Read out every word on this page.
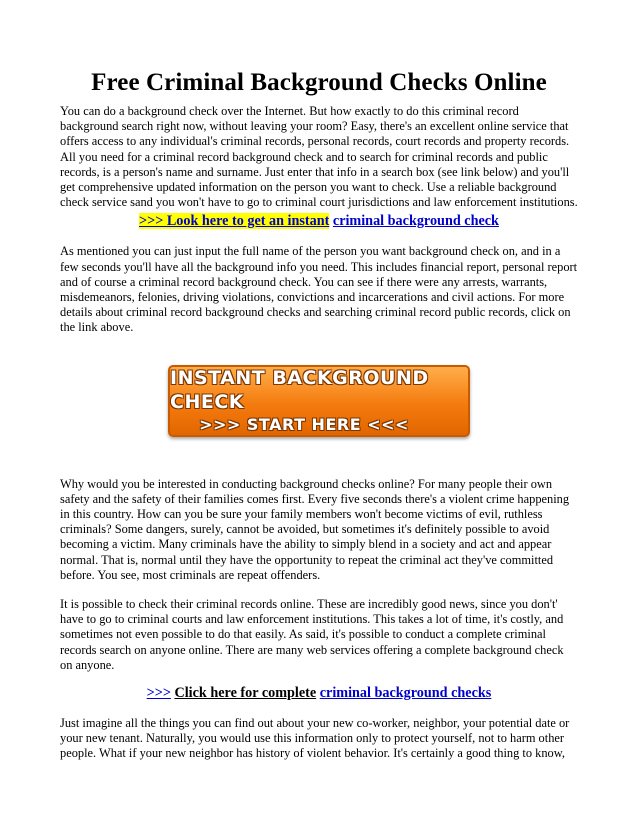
Free Criminal Background Checks Online

You can do a background check over the Internet. But how exactly to do this criminal record background search right now, without leaving your room? Easy, there's an excellent online service that offers access to any individual's criminal records, personal records, court records and property records. All you need for a criminal record background check and to search for criminal records and public records, is a person's name and surname. Just enter that info in a search box (see link below) and you'll get comprehensive updated information on the person you want to check. Use a reliable background check service sand you won't have to go to criminal court jurisdictions and law enforcement institutions.

>>> Look here to get an instant criminal background check

As mentioned you can just input the full name of the person you want background check on, and in a few seconds you'll have all the background info you need. This includes financial report, personal report and of course a criminal record background check. You can see if there were any arrests, warrants, misdemeanors, felonies, driving violations, convictions and incarcerations and civil actions. For more details about criminal record background checks and searching criminal record public records, click on the link above.

INSTANT BACKGROUND CHECK
>>> START HERE <<<

Why would you be interested in conducting background checks online? For many people their own safety and the safety of their families comes first. Every five seconds there's a violent crime happening in this country. How can you be sure your family members won't become victims of evil, ruthless criminals? Some dangers, surely, cannot be avoided, but sometimes it's definitely possible to avoid becoming a victim. Many criminals have the ability to simply blend in a society and act and appear normal. That is, normal until they have the opportunity to repeat the criminal act they've committed before. You see, most criminals are repeat offenders.

It is possible to check their criminal records online. These are incredibly good news, since you don't' have to go to criminal courts and law enforcement institutions. This takes a lot of time, it's costly, and sometimes not even possible to do that easily. As said, it's possible to conduct a complete criminal records search on anyone online. There are many web services offering a complete background check on anyone.

>>> Click here for complete criminal background checks

Just imagine all the things you can find out about your new co-worker, neighbor, your potential date or your new tenant. Naturally, you would use this information only to protect yourself, not to harm other people. What if your new neighbor has history of violent behavior. It's certainly a good thing to know,
